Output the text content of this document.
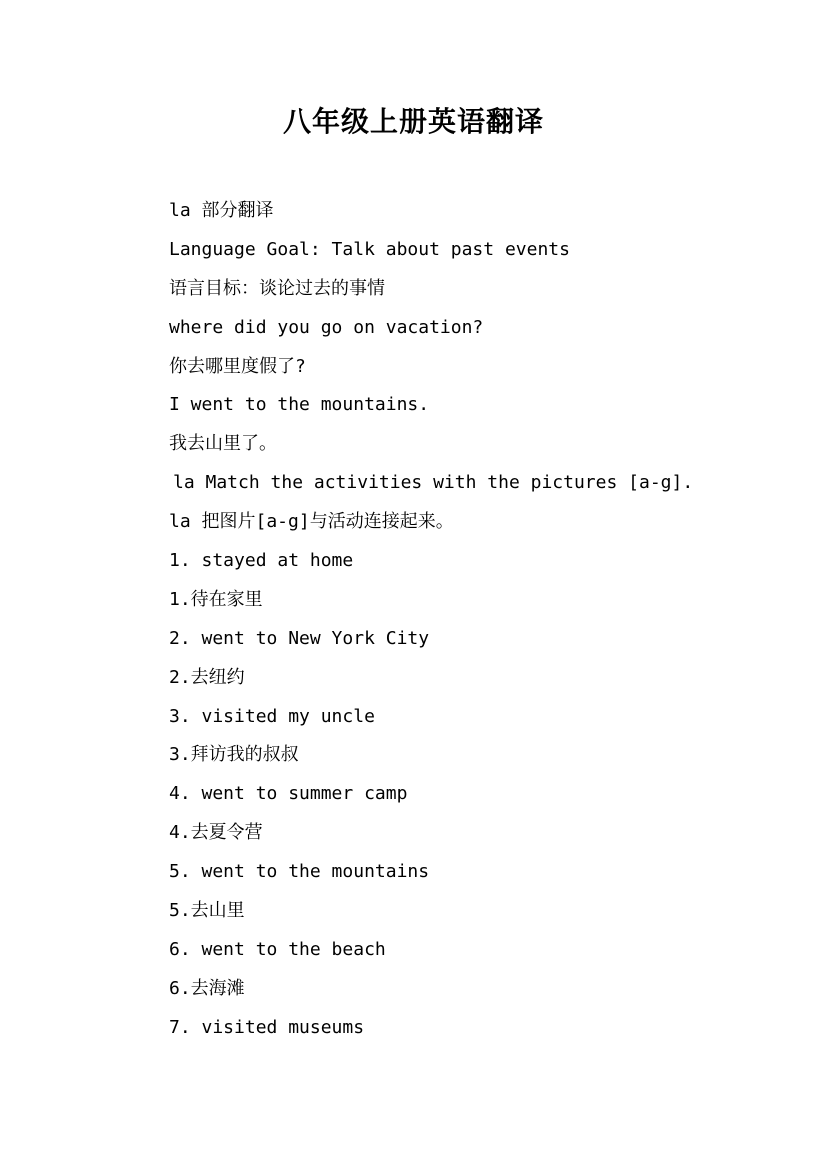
八年级上册英语翻译
la 部分翻译
Language Goal: Talk about past events
语言目标：谈论过去的事情
where did you go on vacation?
你去哪里度假了?
I went to the mountains.
我去山里了。
la Match the activities with the pictures [a-g].
la 把图片[a-g]与活动连接起来。
1. stayed at home
1.待在家里
2. went to New York City
2.去纽约
3. visited my uncle
3.拜访我的叔叔
4. went to summer camp
4.去夏令营
5. went to the mountains
5.去山里
6. went to the beach
6.去海滩
7. visited museums
